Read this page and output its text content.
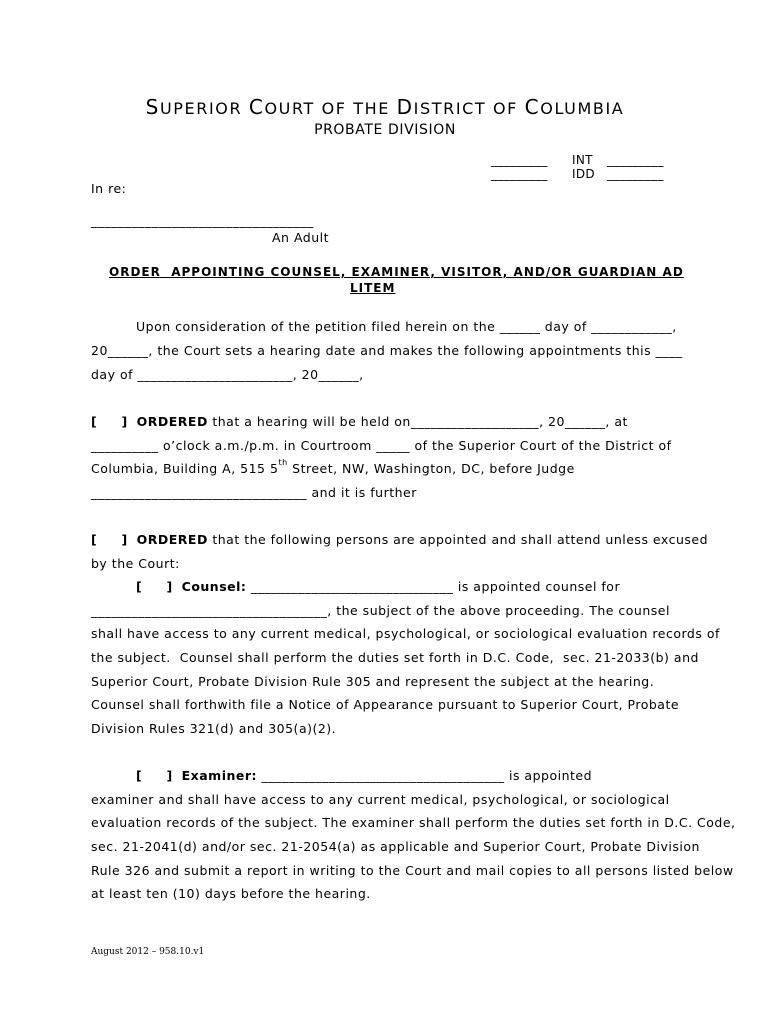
SUPERIOR COURT OF THE DISTRICT OF COLUMBIA
PROBATE DIVISION
_________ INT _________
_________ IDD _________
In re:
_________________________________
An Adult
ORDER  APPOINTING COUNSEL, EXAMINER, VISITOR, AND/OR GUARDIAN AD
LITEM
Upon consideration of the petition filed herein on the ______ day of ____________,
20______, the Court sets a hearing date and makes the following appointments this ____
day of _______________________, 20______,
[     ] ORDERED that a hearing will be held on___________________, 20______, at
__________ o’clock a.m./p.m. in Courtroom _____ of the Superior Court of the District of
Columbia, Building A, 515 5th Street, NW, Washington, DC, before Judge
________________________________ and it is further
[     ] ORDERED that the following persons are appointed and shall attend unless excused
by the Court:
[     ] Counsel: ______________________________ is appointed counsel for
___________________________________, the subject of the above proceeding. The counsel
shall have access to any current medical, psychological, or sociological evaluation records of
the subject.  Counsel shall perform the duties set forth in D.C. Code,  sec. 21-2033(b) and
Superior Court, Probate Division Rule 305 and represent the subject at the hearing.
Counsel shall forthwith file a Notice of Appearance pursuant to Superior Court, Probate
Division Rules 321(d) and 305(a)(2).
[     ] Examiner: ____________________________________ is appointed
examiner and shall have access to any current medical, psychological, or sociological
evaluation records of the subject. The examiner shall perform the duties set forth in D.C. Code,
sec. 21-2041(d) and/or sec. 21-2054(a) as applicable and Superior Court, Probate Division
Rule 326 and submit a report in writing to the Court and mail copies to all persons listed below
at least ten (10) days before the hearing.
August 2012 – 958.10.v1
